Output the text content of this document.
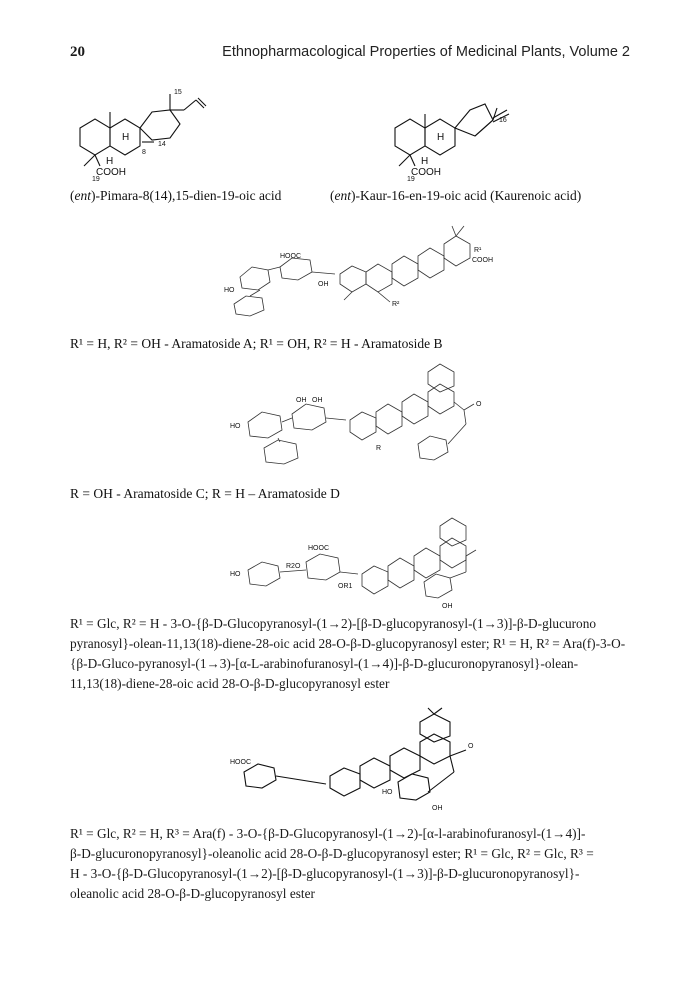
20	Ethnopharmacological Properties of Medicinal Plants, Volume 2
15
14
8
H
H
COOH
19
16
H
H
COOH
19
(ent)-Pimara-8(14),15-dien-19-oic acid	(ent)-Kaur-16-en-19-oic acid (Kaurenoic acid)
HOOC
COOH
R¹
R²
HO
OH
R¹ = H, R² = OH - Aramatoside A; R¹ = OH, R² = H - Aramatoside B
OH OH
HO
R
O
R = OH - Aramatoside C; R = H – Aramatoside D
HOOC
R2O
OR1
HO
OH
R¹ = Glc, R² = H - 3-O-{β-D-Glucopyranosyl-(1→2)-[β-D-glucopyranosyl-(1→3)]-β-D-glucurono
pyranosyl}-olean-11,13(18)-diene-28-oic acid 28-O-β-D-glucopyranosyl ester; R¹ = H, R² = Ara(f)-3-O-
{β-D-Gluco-pyranosyl-(1→3)-[α-L-arabinofuranosyl-(1→4)]-β-D-glucuronopyranosyl}-olean-
11,13(18)-diene-28-oic acid 28-O-β-D-glucopyranosyl ester
HOOC
HO
OH
O
R¹ = Glc, R² = H, R³ = Ara(f) - 3-O-{β-D-Glucopyranosyl-(1→2)-[α-l-arabinofuranosyl-(1→4)]-
β-D-glucuronopyranosyl}-oleanolic acid 28-O-β-D-glucopyranosyl ester; R¹ = Glc, R² = Glc, R³ =
H - 3-O-{β-D-Glucopyranosyl-(1→2)-[β-D-glucopyranosyl-(1→3)]-β-D-glucuronopyranosyl}-
oleanolic acid 28-O-β-D-glucopyranosyl ester
